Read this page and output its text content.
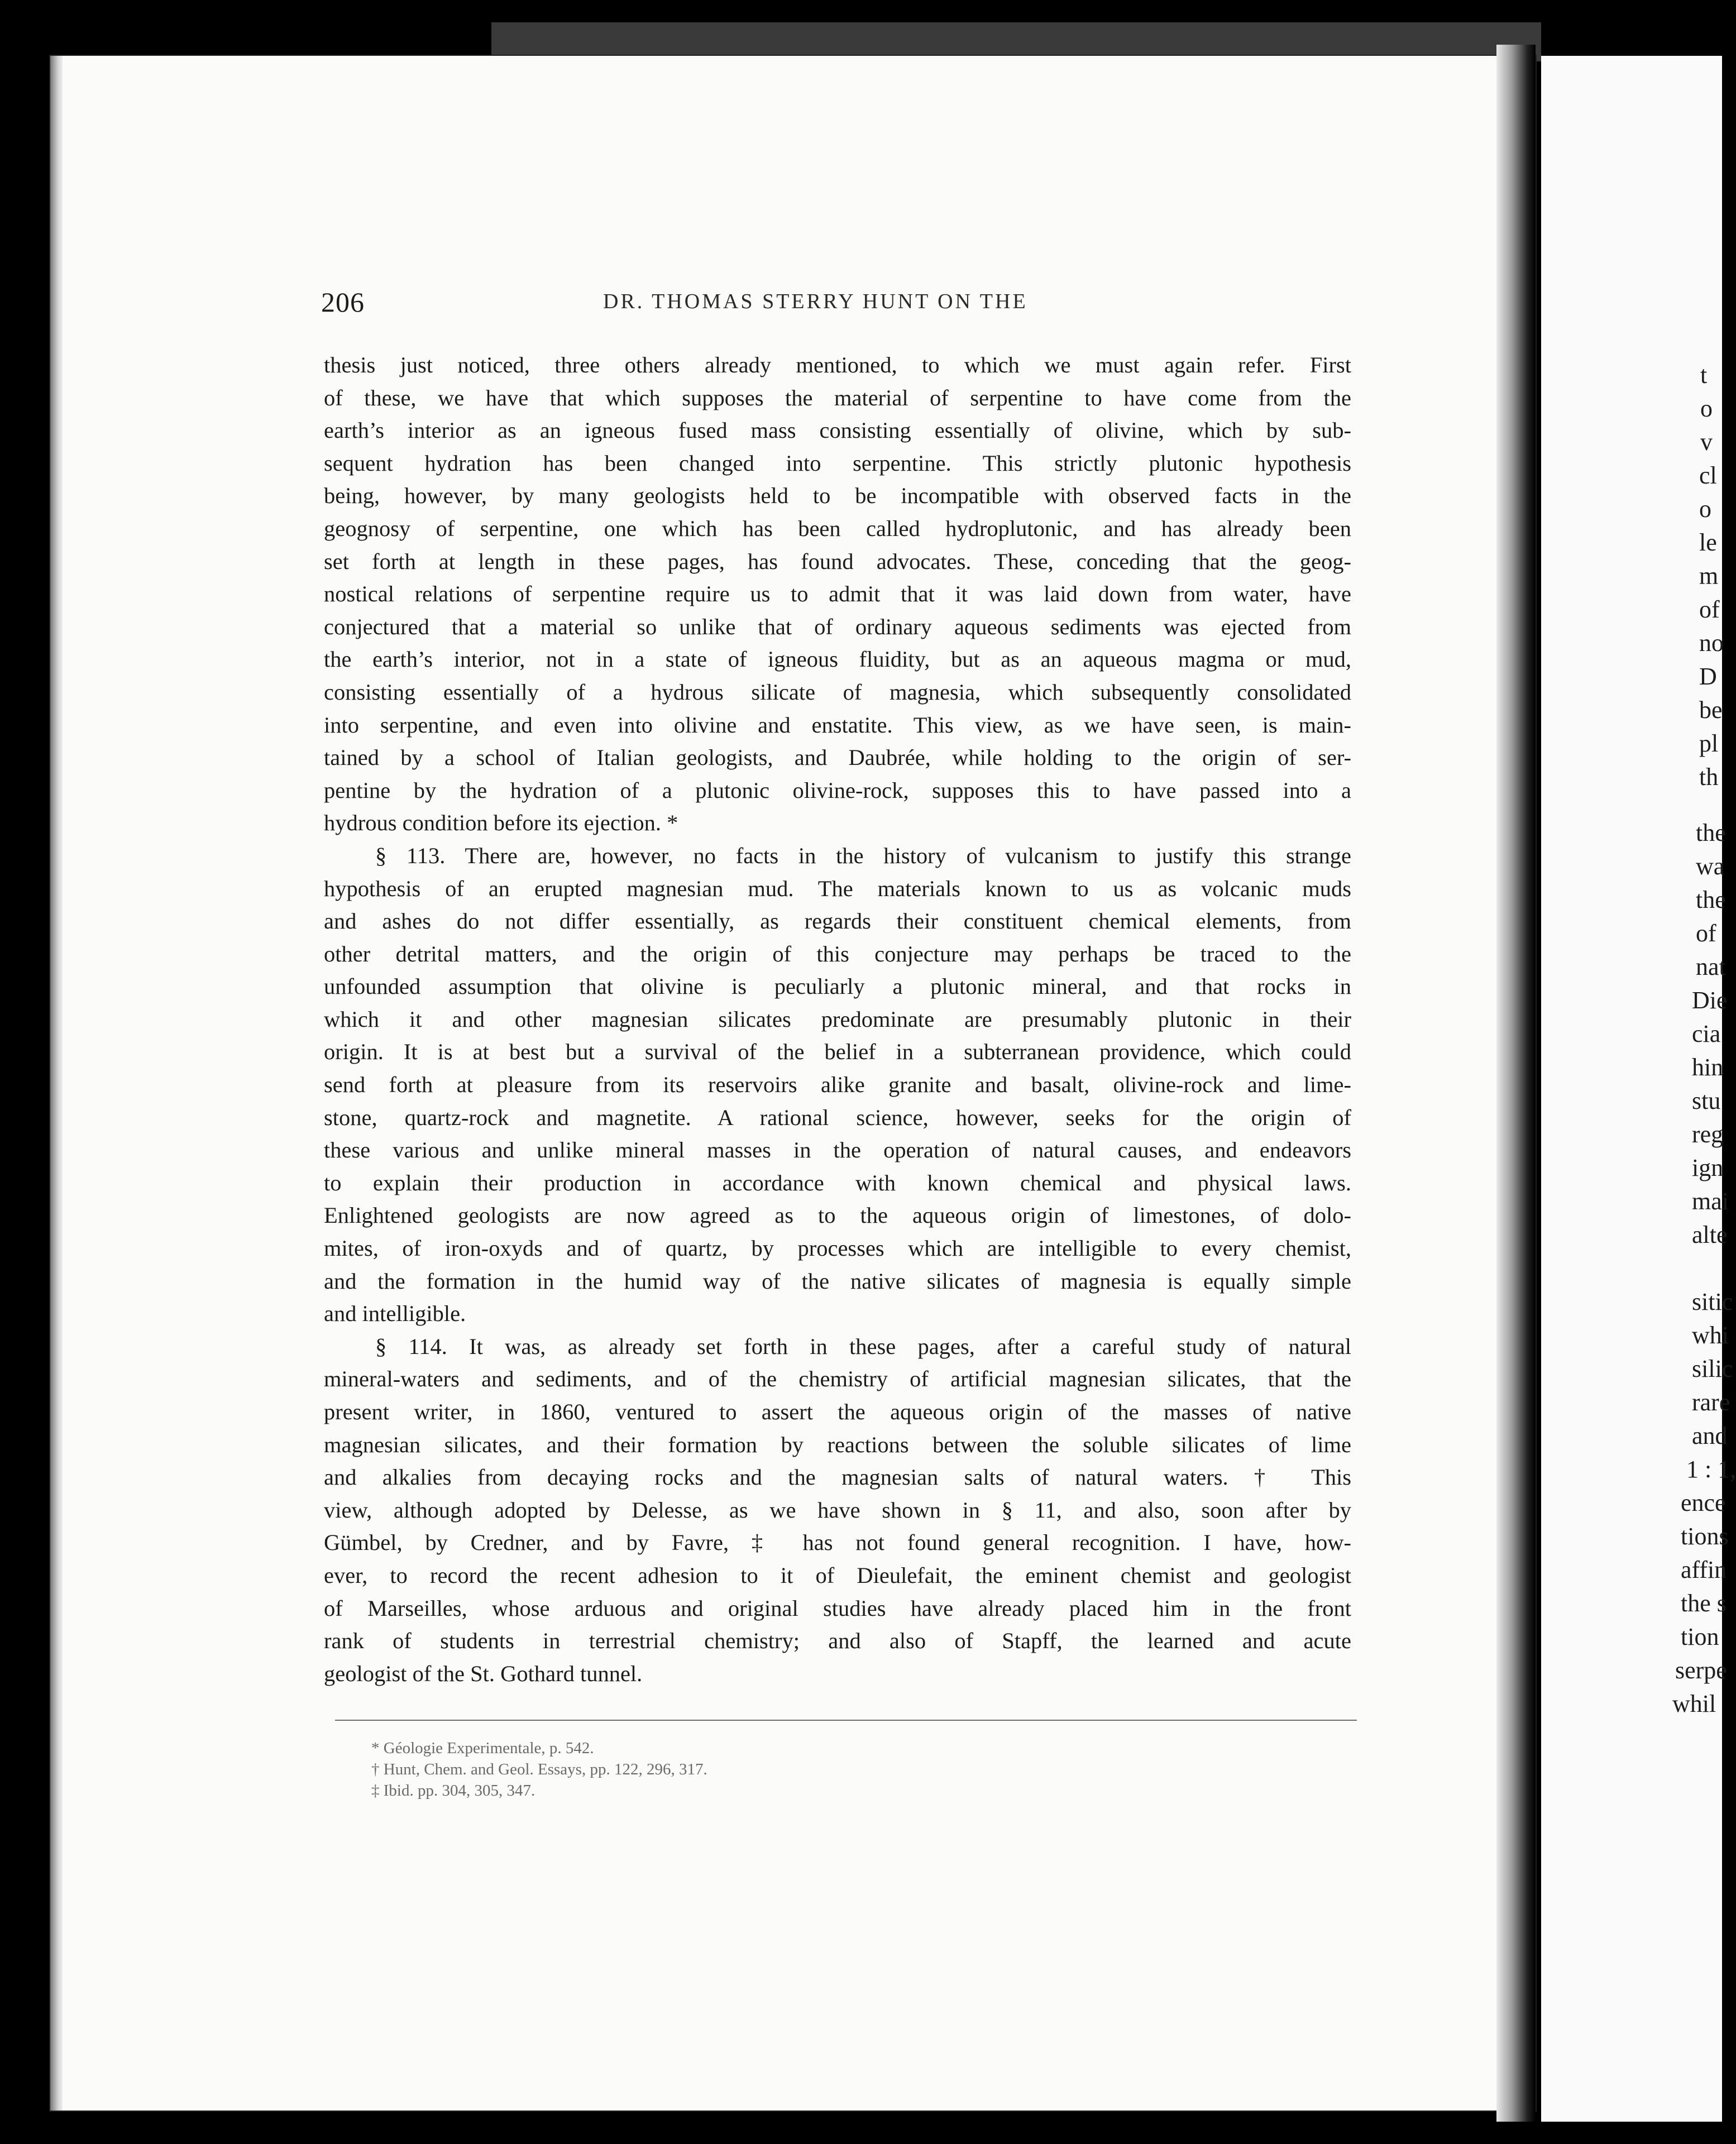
t
o
v
cl
o
le
m
of
no
D
be
pl
th
the
wa
the
of
nat
Die
cia
hin
stu
reg
ign
mai
alte
sitic
whi
silic
rare
and
1 : 1,
ence
tions
affin
the s
tion
serpe
whil
206	DR. THOMAS STERRY HUNT ON THE
thesis just noticed, three others already mentioned, to which we must again refer. First
of these, we have that which supposes the material of serpentine to have come from the
earth’s interior as an igneous fused mass consisting essentially of olivine, which by sub-
sequent hydration has been changed into serpentine. This strictly plutonic hypothesis
being, however, by many geologists held to be incompatible with observed facts in the
geognosy of serpentine, one which has been called hydroplutonic, and has already been
set forth at length in these pages, has found advocates. These, conceding that the geog-
nostical relations of serpentine require us to admit that it was laid down from water, have
conjectured that a material so unlike that of ordinary aqueous sediments was ejected from
the earth’s interior, not in a state of igneous fluidity, but as an aqueous magma or mud,
consisting essentially of a hydrous silicate of magnesia, which subsequently consolidated
into serpentine, and even into olivine and enstatite. This view, as we have seen, is main-
tained by a school of Italian geologists, and Daubrée, while holding to the origin of ser-
pentine by the hydration of a plutonic olivine-rock, supposes this to have passed into a
hydrous condition before its ejection. *
§ 113. There are, however, no facts in the history of vulcanism to justify this strange
hypothesis of an erupted magnesian mud. The materials known to us as volcanic muds
and ashes do not differ essentially, as regards their constituent chemical elements, from
other detrital matters, and the origin of this conjecture may perhaps be traced to the
unfounded assumption that olivine is peculiarly a plutonic mineral, and that rocks in
which it and other magnesian silicates predominate are presumably plutonic in their
origin. It is at best but a survival of the belief in a subterranean providence, which could
send forth at pleasure from its reservoirs alike granite and basalt, olivine-rock and lime-
stone, quartz-rock and magnetite. A rational science, however, seeks for the origin of
these various and unlike mineral masses in the operation of natural causes, and endeavors
to explain their production in accordance with known chemical and physical laws.
Enlightened geologists are now agreed as to the aqueous origin of limestones, of dolo-
mites, of iron-oxyds and of quartz, by processes which are intelligible to every chemist,
and the formation in the humid way of the native silicates of magnesia is equally simple
and intelligible.
§ 114. It was, as already set forth in these pages, after a careful study of natural
mineral-waters and sediments, and of the chemistry of artificial magnesian silicates, that the
present writer, in 1860, ventured to assert the aqueous origin of the masses of native
magnesian silicates, and their formation by reactions between the soluble silicates of lime
and alkalies from decaying rocks and the magnesian salts of natural waters. † This
view, although adopted by Delesse, as we have shown in § 11, and also, soon after by
Gümbel, by Credner, and by Favre, ‡ has not found general recognition. I have, how-
ever, to record the recent adhesion to it of Dieulefait, the eminent chemist and geologist
of Marseilles, whose arduous and original studies have already placed him in the front
rank of students in terrestrial chemistry; and also of Stapff, the learned and acute
geologist of the St. Gothard tunnel.
* Géologie Experimentale, p. 542.
† Hunt, Chem. and Geol. Essays, pp. 122, 296, 317.
‡ Ibid. pp. 304, 305, 347.
